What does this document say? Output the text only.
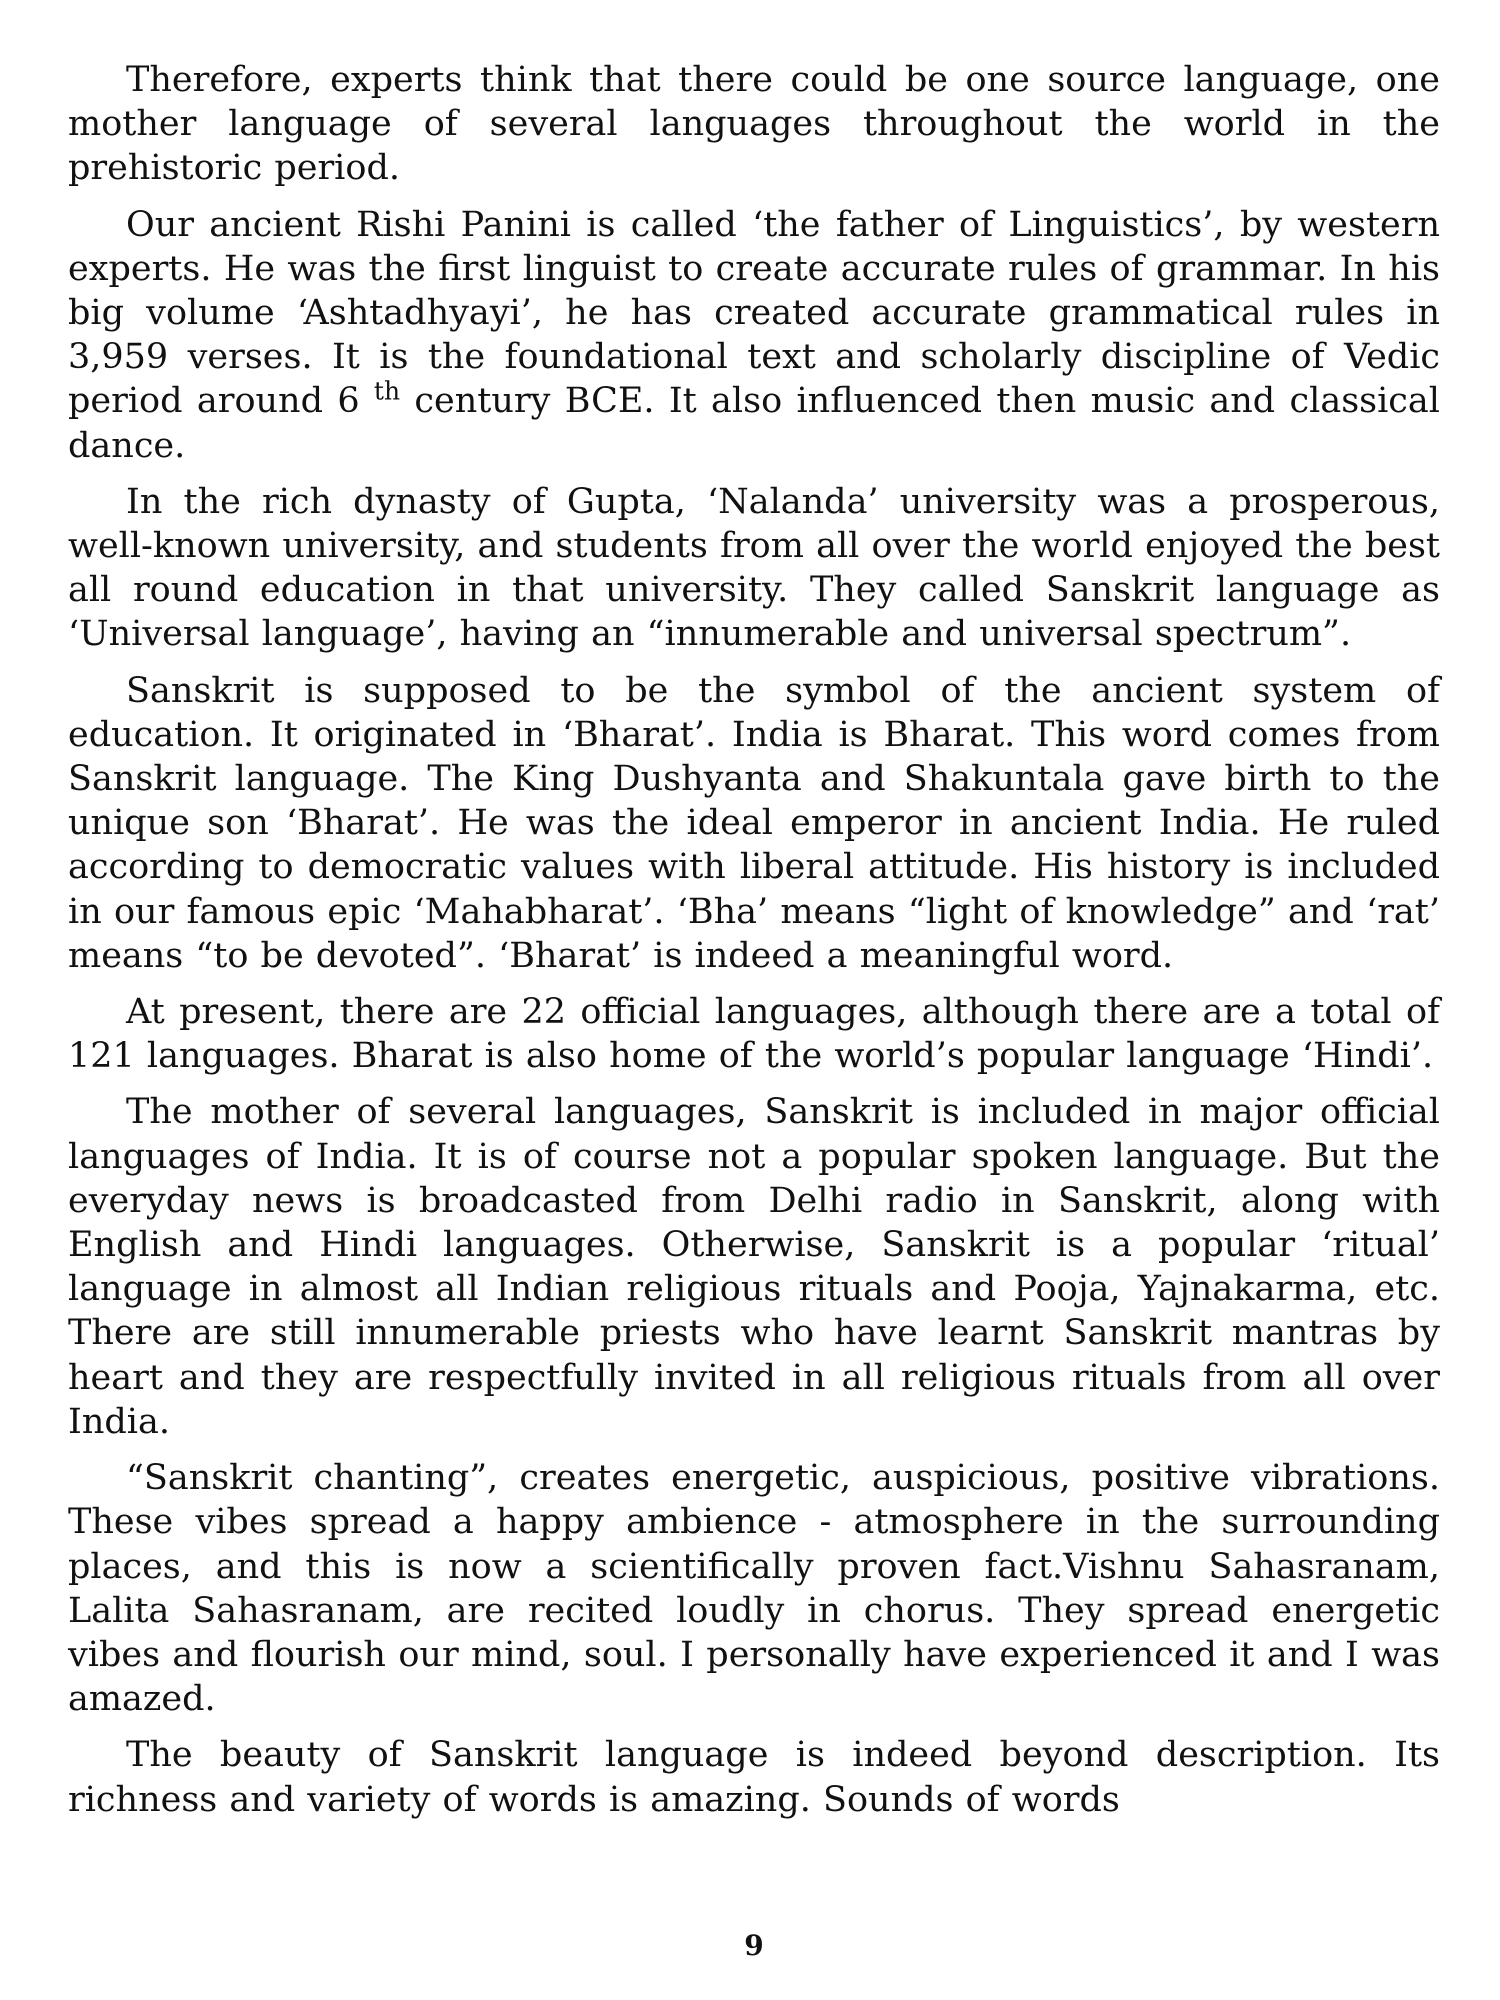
Therefore, experts think that there could be one source language, one mother language of several languages throughout the world in the prehistoric period.

Our ancient Rishi Panini is called ‘the father of Linguistics’, by western experts. He was the first linguist to create accurate rules of grammar. In his big volume ‘Ashtadhyayi’, he has created accurate grammatical rules in 3,959 verses. It is the foundational text and scholarly discipline of Vedic period around 6 $^{th}$ century BCE. It also influenced then music and classical dance.

In the rich dynasty of Gupta, ‘Nalanda’ university was a prosperous, well-known university, and students from all over the world enjoyed the best all round education in that university. They called Sanskrit language as ‘Universal language’, having an “innumerable and universal spectrum”.

Sanskrit is supposed to be the symbol of the ancient system of education. It originated in ‘Bharat’. India is Bharat. This word comes from Sanskrit language. The King Dushyanta and Shakuntala gave birth to the unique son ‘Bharat’. He was the ideal emperor in ancient India. He ruled according to democratic values with liberal attitude. His history is included in our famous epic ‘Mahabharat’. ‘Bha’ means “light of knowledge” and ‘rat’ means “to be devoted”. ‘Bharat’ is indeed a meaningful word.

At present, there are 22 official languages, although there are a total of 121 languages. Bharat is also home of the world’s popular language ‘Hindi’.

The mother of several languages, Sanskrit is included in major official languages of India. It is of course not a popular spoken language. But the everyday news is broadcasted from Delhi radio in Sanskrit, along with English and Hindi languages. Otherwise, Sanskrit is a popular ‘ritual’ language in almost all Indian religious rituals and Pooja, Yajnakarma, etc. There are still innumerable priests who have learnt Sanskrit mantras by heart and they are respectfully invited in all religious rituals from all over India.

“Sanskrit chanting”, creates energetic, auspicious, positive vibrations. These vibes spread a happy ambience - atmosphere in the surrounding places, and this is now a scientifically proven fact.Vishnu Sahasranam, Lalita Sahasranam, are recited loudly in chorus. They spread energetic vibes and flourish our mind, soul. I personally have experienced it and I was amazed.

The beauty of Sanskrit language is indeed beyond description. Its richness and variety of words is amazing. Sounds of words

9
